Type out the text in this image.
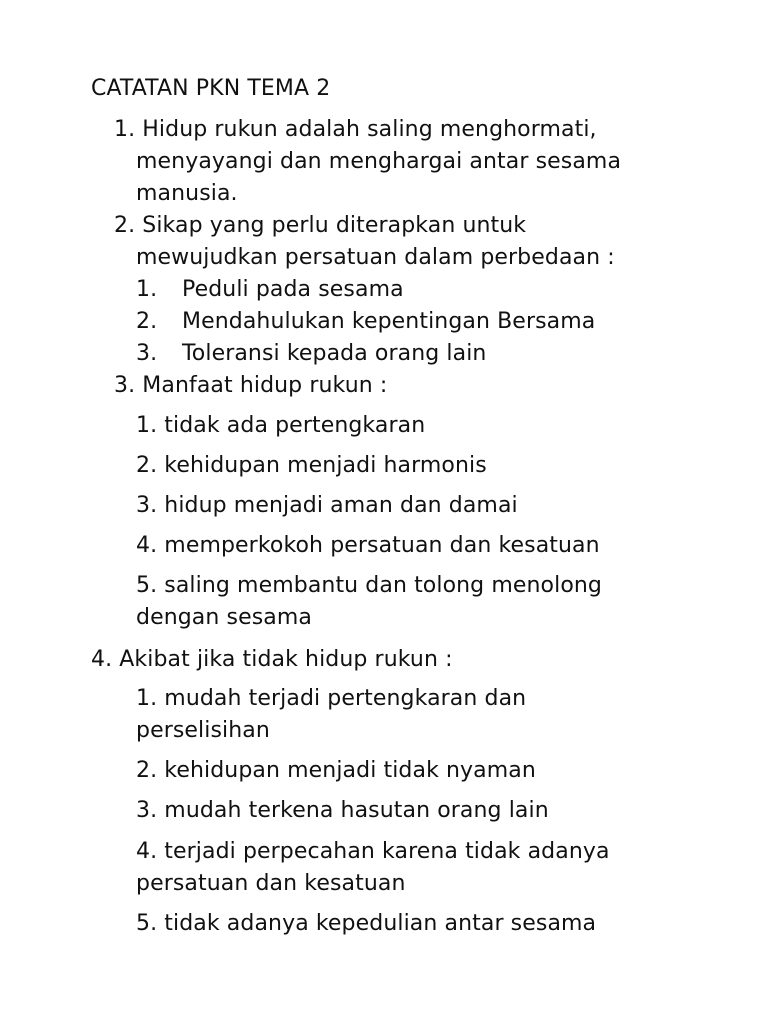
CATATAN PKN TEMA 2
1. Hidup rukun adalah saling menghormati,
menyayangi dan menghargai antar sesama
manusia.
2. Sikap yang perlu diterapkan untuk
mewujudkan persatuan dalam perbedaan :
1. Peduli pada sesama
2. Mendahulukan kepentingan Bersama
3. Toleransi kepada orang lain
3. Manfaat hidup rukun :
1. tidak ada pertengkaran
2. kehidupan menjadi harmonis
3. hidup menjadi aman dan damai
4. memperkokoh persatuan dan kesatuan
5. saling membantu dan tolong menolong
dengan sesama
4. Akibat jika tidak hidup rukun :
1. mudah terjadi pertengkaran dan
perselisihan
2. kehidupan menjadi tidak nyaman
3. mudah terkena hasutan orang lain
4. terjadi perpecahan karena tidak adanya
persatuan dan kesatuan
5. tidak adanya kepedulian antar sesama
